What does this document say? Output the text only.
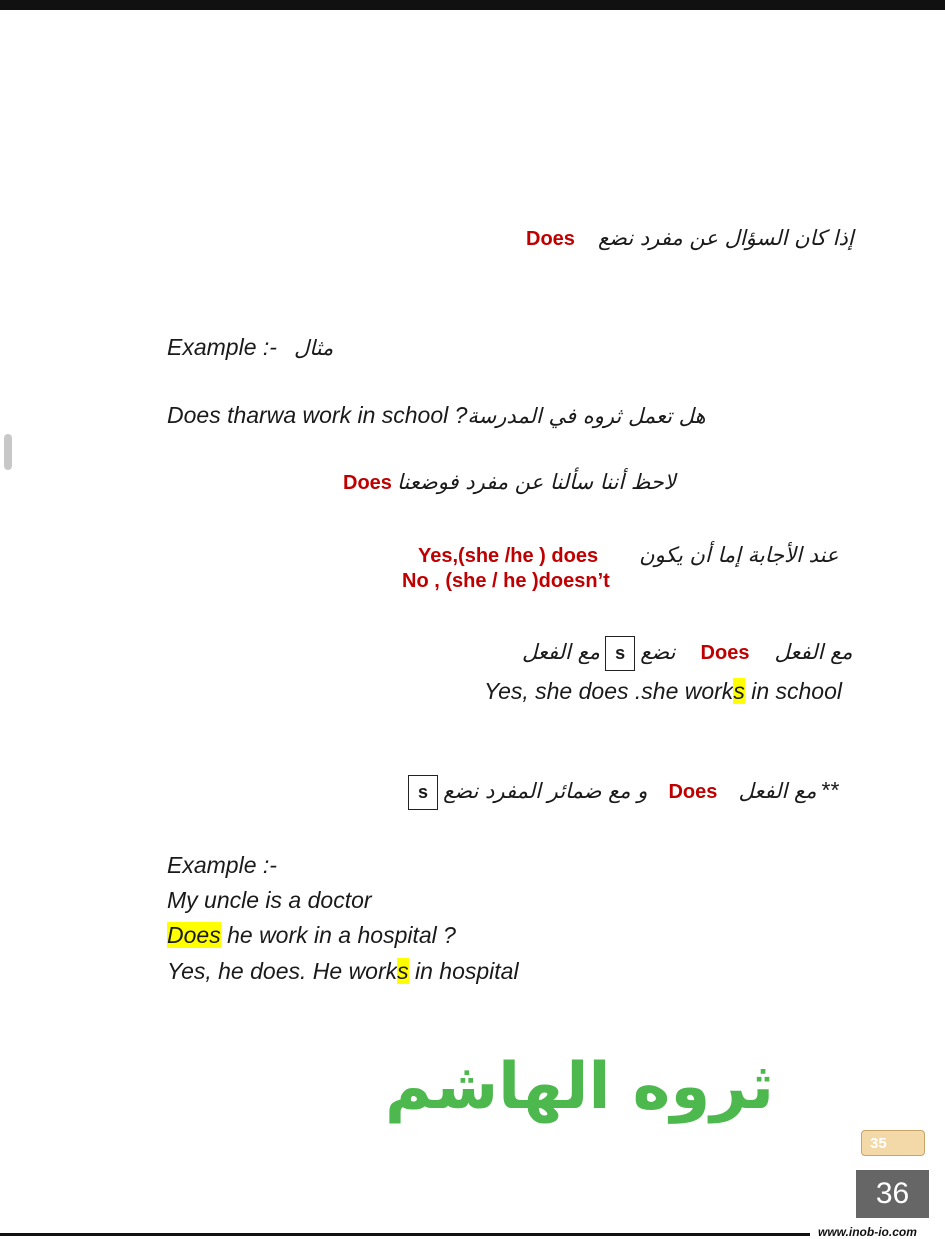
Does إذا كان السؤال عن مفرد نضع
Example :- مثال
Does tharwa work in school ?هل تعمل ثروه في المدرسة
Does لاحظ أننا سألنا عن مفرد فوضعنا
Yes,(she /he ) does عند الأجابة إما أن يكون
No , (she / he )doesn’t
مع الفعل Does نضع s مع الفعل
Yes, she does .she works in school
** مع الفعل Does و مع ضمائر المفرد نضع s
Example :-
My uncle is a doctor
Does he work in a hospital ?
Yes, he does. He works in hospital
ثروه الهاشم
35
36
www.inob-io.com
